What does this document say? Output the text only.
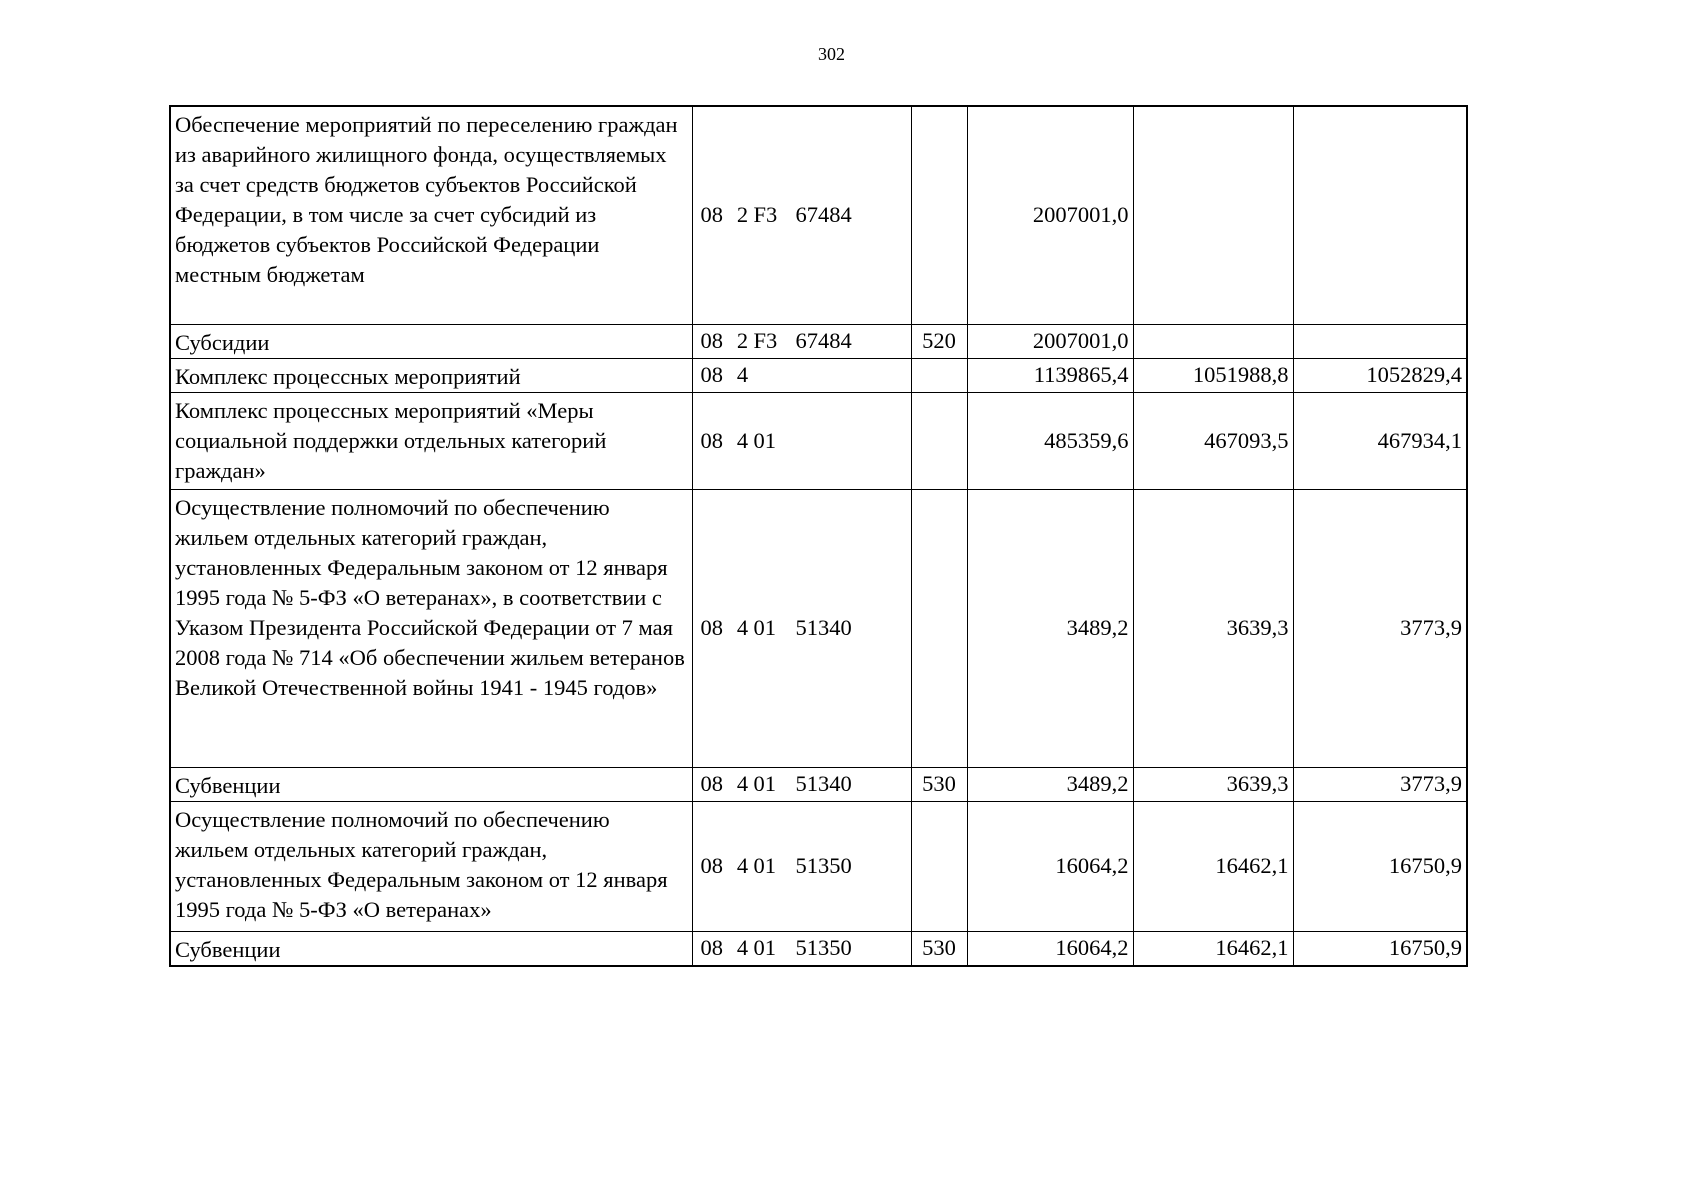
302
Обеспечение мероприятий по переселению граждан из аварийного жилищного фонда, осуществляемых за счет средств бюджетов субъектов Российской Федерации, в том числе за счет субсидий из бюджетов субъектов Российской Федерации местным бюджетам	08 2 F3 67484		2007001,0		
Субсидии	08 2 F3 67484	520	2007001,0		
Комплекс процессных мероприятий	08 4		1139865,4	1051988,8	1052829,4
Комплекс процессных мероприятий «Меры социальной поддержки отдельных категорий граждан»	08 4 01		485359,6	467093,5	467934,1
Осуществление полномочий по обеспечению жильем отдельных категорий граждан, установленных Федеральным законом от 12 января 1995 года № 5-ФЗ «О ветеранах», в соответствии с Указом Президента Российской Федерации от 7 мая 2008 года № 714 «Об обеспечении жильем ветеранов Великой Отечественной войны 1941 - 1945 годов»	08 4 01 51340		3489,2	3639,3	3773,9
Субвенции	08 4 01 51340	530	3489,2	3639,3	3773,9
Осуществление полномочий по обеспечению жильем отдельных категорий граждан, установленных Федеральным законом от 12 января 1995 года № 5-ФЗ «О ветеранах»	08 4 01 51350		16064,2	16462,1	16750,9
Субвенции	08 4 01 51350	530	16064,2	16462,1	16750,9
